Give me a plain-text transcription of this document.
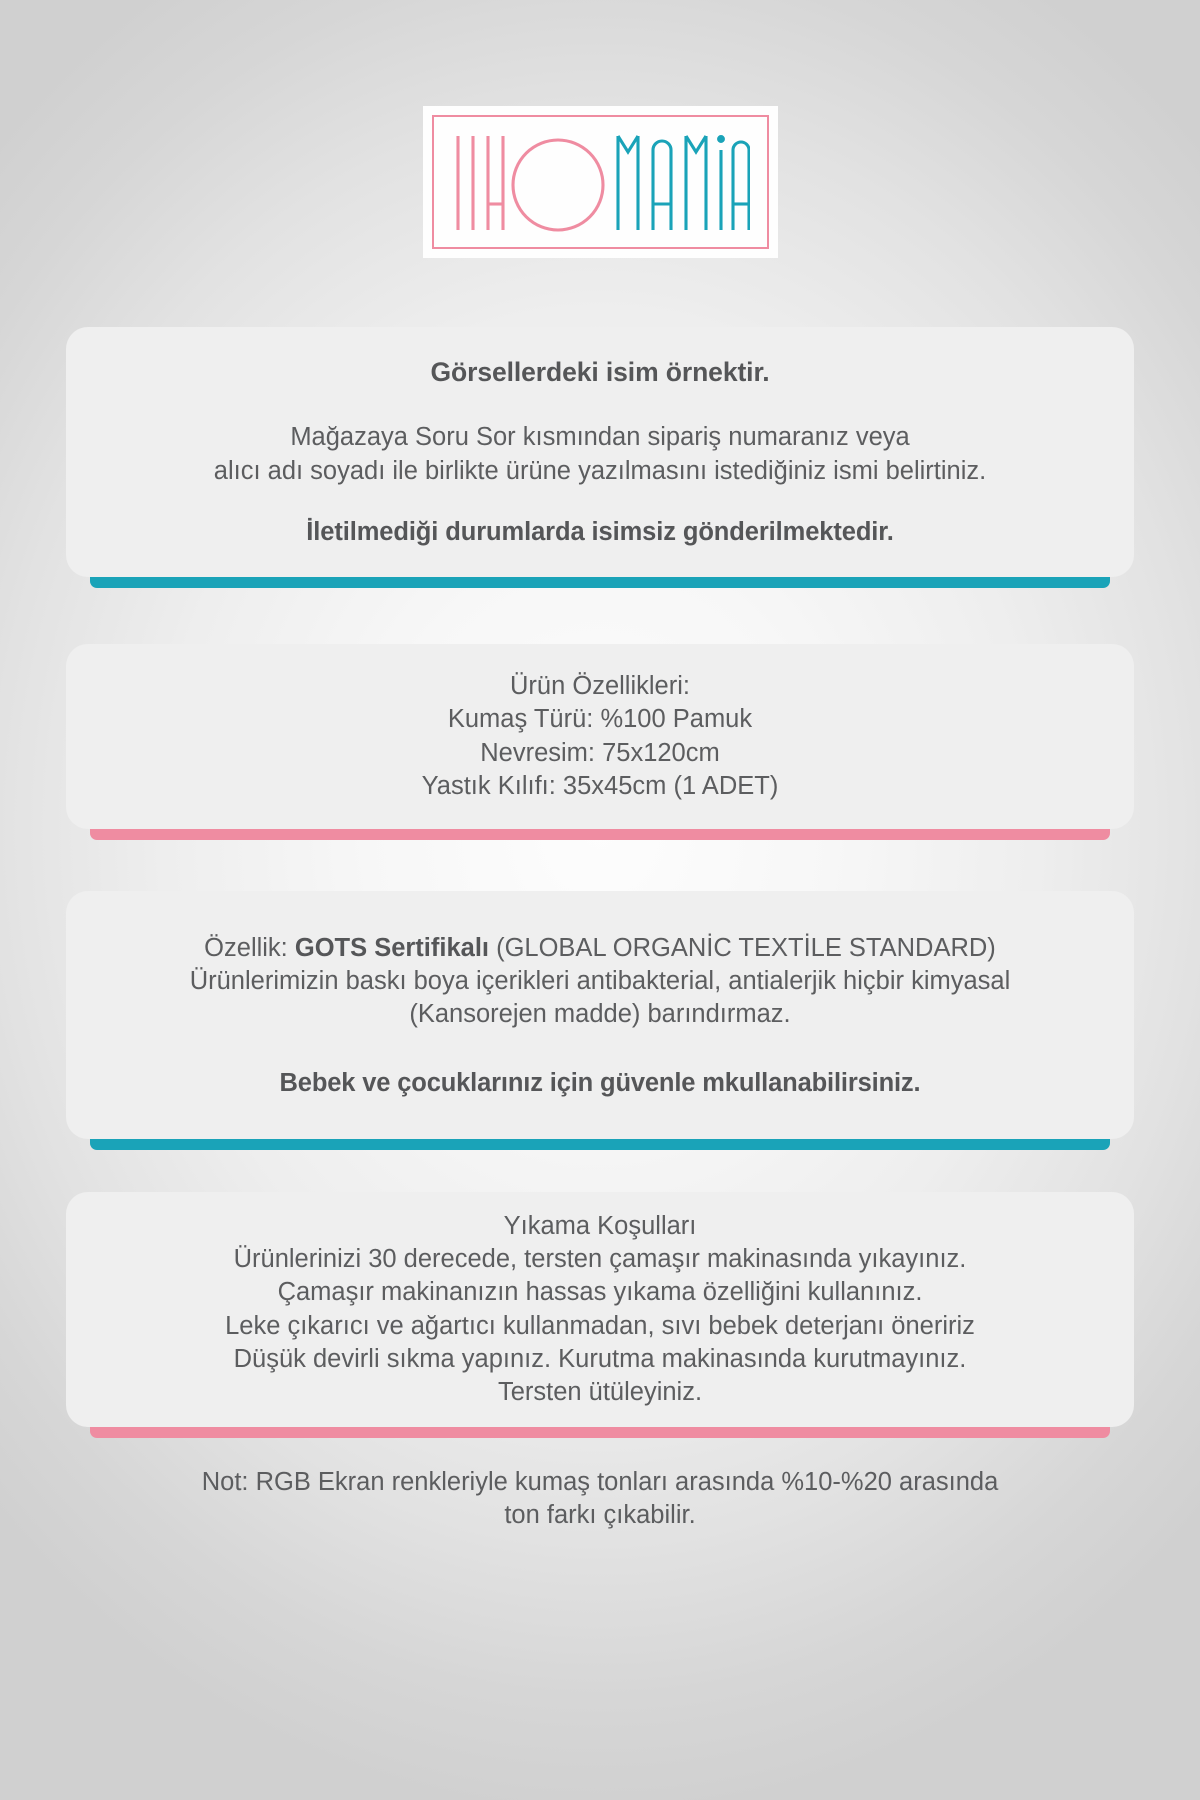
Görsellerdeki isim örnektir.
Mağazaya Soru Sor kısmından sipariş numaranız veya
alıcı adı soyadı ile birlikte ürüne yazılmasını istediğiniz ismi belirtiniz.
İletilmediği durumlarda isimsiz gönderilmektedir.
Ürün Özellikleri:
Kumaş Türü: %100 Pamuk
Nevresim: 75x120cm
Yastık Kılıfı: 35x45cm (1 ADET)
Özellik: GOTS Sertifikalı (GLOBAL ORGANİC TEXTİLE STANDARD)
Ürünlerimizin baskı boya içerikleri antibakterial, antialerjik hiçbir kimyasal
(Kansorejen madde) barındırmaz.
Bebek ve çocuklarınız için güvenle mkullanabilirsiniz.
Yıkama Koşulları
Ürünlerinizi 30 derecede, tersten çamaşır makinasında yıkayınız.
Çamaşır makinanızın hassas yıkama özelliğini kullanınız.
Leke çıkarıcı ve ağartıcı kullanmadan, sıvı bebek deterjanı öneririz
Düşük devirli sıkma yapınız. Kurutma makinasında kurutmayınız.
Tersten ütüleyiniz.
Not: RGB Ekran renkleriyle kumaş tonları arasında %10-%20 arasında
ton farkı çıkabilir.
